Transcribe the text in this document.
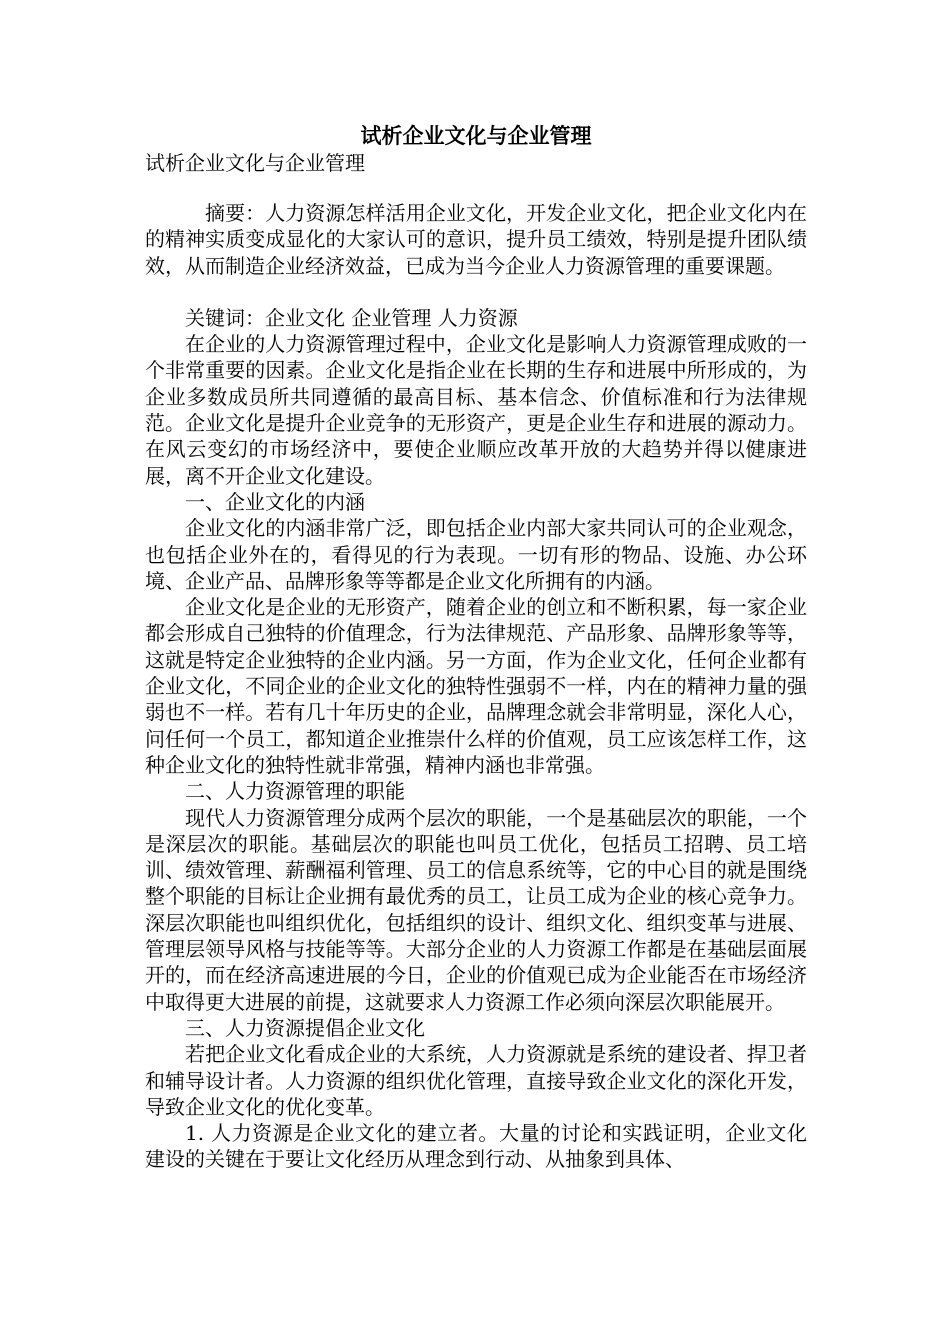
试析企业文化与企业管理

试析企业文化与企业管理

摘要：人力资源怎样活用企业文化，开发企业文化，把企业文化内在的精神实质变成显化的大家认可的意识，提升员工绩效，特别是提升团队绩效，从而制造企业经济效益，已成为当今企业人力资源管理的重要课题。

关键词：企业文化 企业管理 人力资源

在企业的人力资源管理过程中，企业文化是影响人力资源管理成败的一个非常重要的因素。企业文化是指企业在长期的生存和进展中所形成的，为企业多数成员所共同遵循的最高目标、基本信念、价值标准和行为法律规范。企业文化是提升企业竞争的无形资产，更是企业生存和进展的源动力。在风云变幻的市场经济中，要使企业顺应改革开放的大趋势并得以健康进展，离不开企业文化建设。

一、企业文化的内涵

企业文化的内涵非常广泛，即包括企业内部大家共同认可的企业观念，也包括企业外在的，看得见的行为表现。一切有形的物品、设施、办公环境、企业产品、品牌形象等等都是企业文化所拥有的内涵。

企业文化是企业的无形资产，随着企业的创立和不断积累，每一家企业都会形成自己独特的价值理念，行为法律规范、产品形象、品牌形象等等，这就是特定企业独特的企业内涵。另一方面，作为企业文化，任何企业都有企业文化，不同企业的企业文化的独特性强弱不一样，内在的精神力量的强弱也不一样。若有几十年历史的企业，品牌理念就会非常明显，深化人心，问任何一个员工，都知道企业推崇什么样的价值观，员工应该怎样工作，这种企业文化的独特性就非常强，精神内涵也非常强。

二、人力资源管理的职能

现代人力资源管理分成两个层次的职能，一个是基础层次的职能，一个是深层次的职能。基础层次的职能也叫员工优化，包括员工招聘、员工培训、绩效管理、薪酬福利管理、员工的信息系统等，它的中心目的就是围绕整个职能的目标让企业拥有最优秀的员工，让员工成为企业的核心竞争力。深层次职能也叫组织优化，包括组织的设计、组织文化、组织变革与进展、管理层领导风格与技能等等。大部分企业的人力资源工作都是在基础层面展开的，而在经济高速进展的今日，企业的价值观已成为企业能否在市场经济中取得更大进展的前提，这就要求人力资源工作必须向深层次职能展开。

三、人力资源提倡企业文化

若把企业文化看成企业的大系统，人力资源就是系统的建设者、捍卫者和辅导设计者。人力资源的组织优化管理，直接导致企业文化的深化开发，导致企业文化的优化变革。

1. 人力资源是企业文化的建立者。大量的讨论和实践证明，企业文化建设的关键在于要让文化经历从理念到行动、从抽象到具体、
